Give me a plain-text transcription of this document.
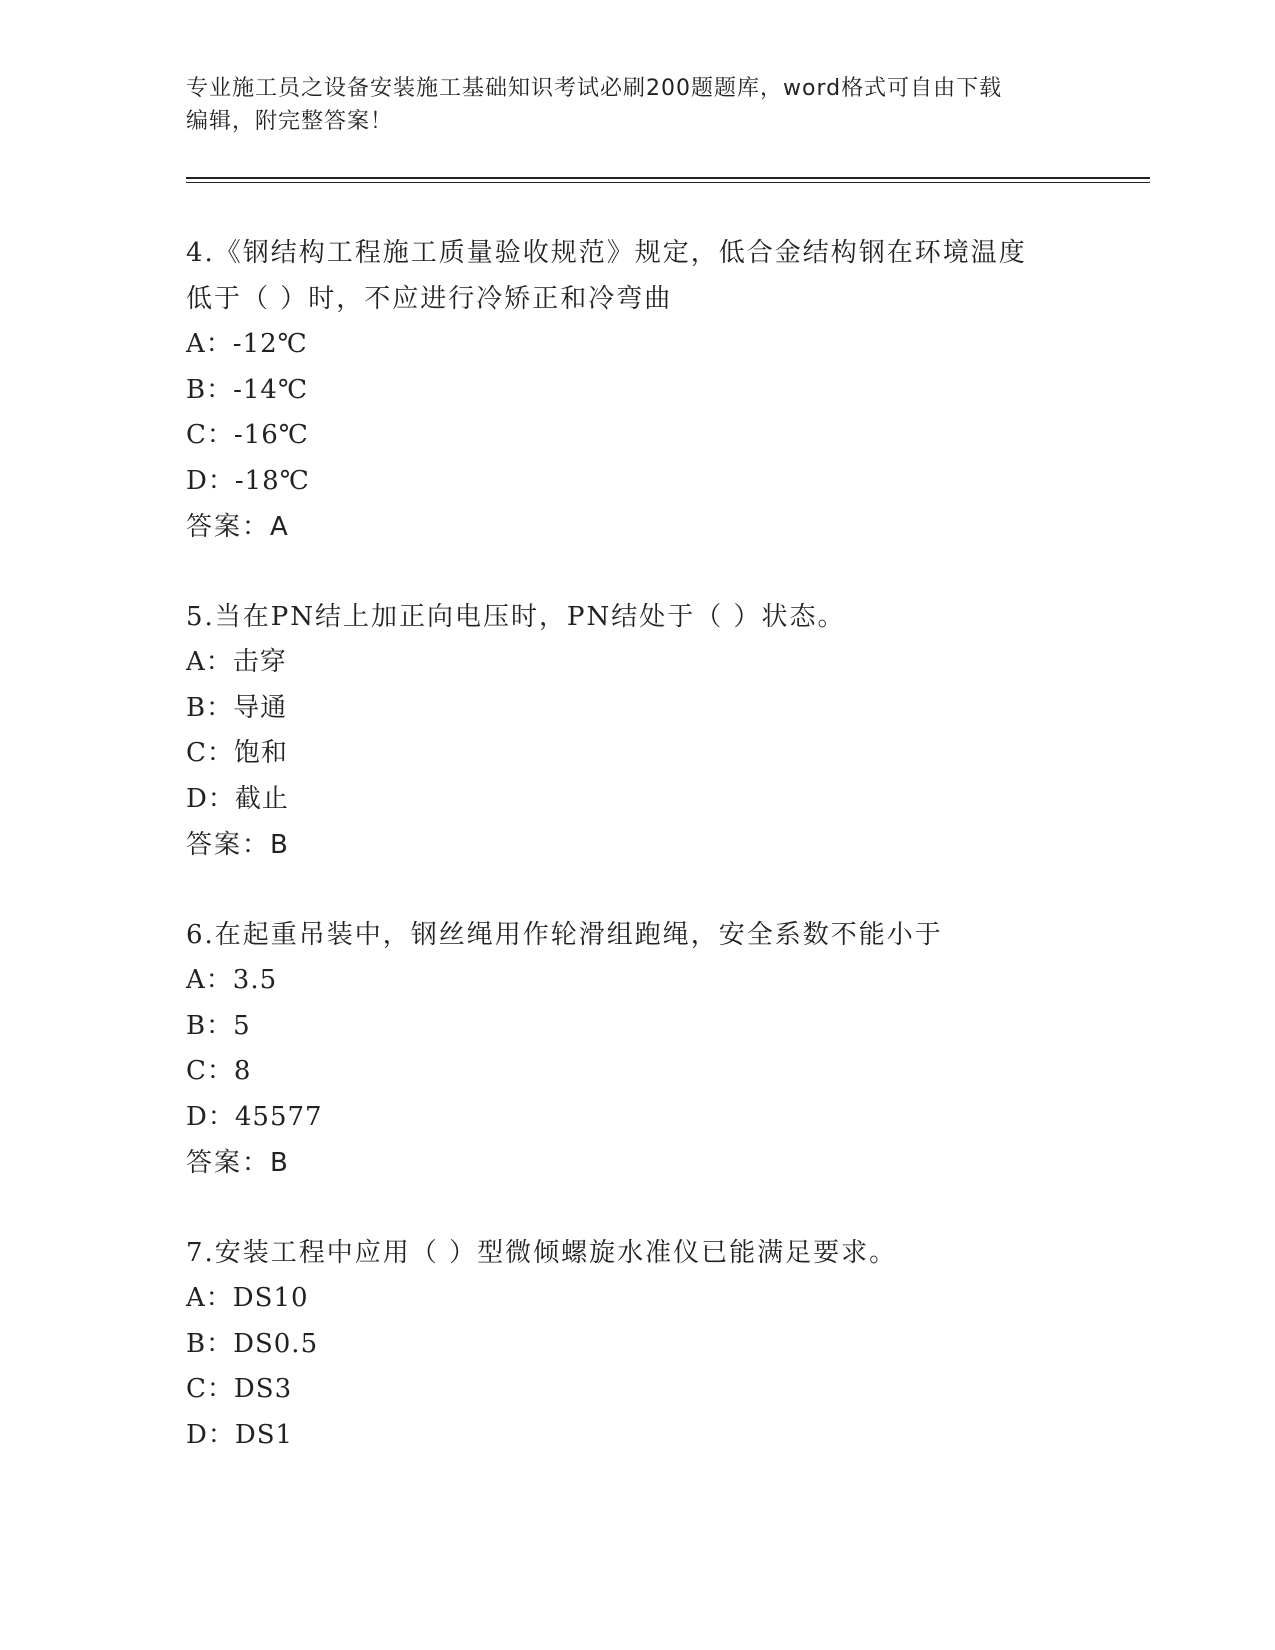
专业施工员之设备安装施工基础知识考试必刷200题题库，word格式可自由下载
编辑，附完整答案！
4.《钢结构工程施工质量验收规范》规定，低合金结构钢在环境温度
低于（ ）时，不应进行冷矫正和冷弯曲
A：-12℃
B：-14℃
C：-16℃
D：-18℃
答案：A
5.当在PN结上加正向电压时，PN结处于（ ）状态。
A：击穿
B：导通
C：饱和
D：截止
答案：B
6.在起重吊装中，钢丝绳用作轮滑组跑绳，安全系数不能小于
A：3.5
B：5
C：8
D：45577
答案：B
7.安装工程中应用（ ）型微倾螺旋水准仪已能满足要求。
A：DS10
B：DS0.5
C：DS3
D：DS1
